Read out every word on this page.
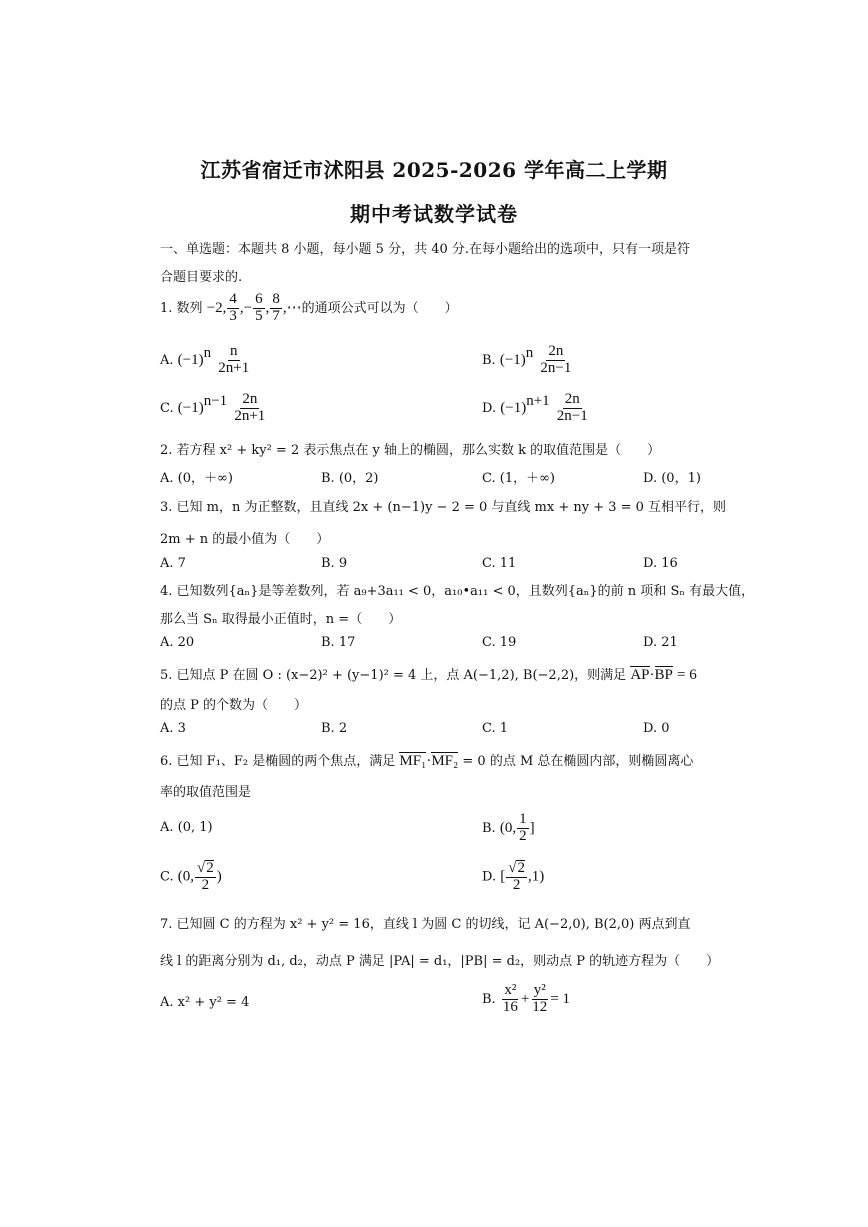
江苏省宿迁市沭阳县 2025-2026 学年高二上学期
期中考试数学试卷
一、单选题：本题共 8 小题，每小题 5 分，共 40 分.在每小题给出的选项中，只有一项是符
合题目要求的.
1. 数列 −2, $\frac{4}{3}$ ,− $\frac{6}{5}$ , $\frac{8}{7}$ ,⋯的通项公式可以为（　　）
A. $(-1)^n \frac{n}{2n+1}$	B. $(-1)^n \frac{2n}{2n-1}$
C. $(-1)^{n-1} \frac{2n}{2n+1}$	D. $(-1)^{n+1} \frac{2n}{2n-1}$
2. 若方程 x² + ky² = 2 表示焦点在 y 轴上的椭圆，那么实数 k 的取值范围是（　　）
A. (0，＋∞)	B. (0，2)	C. (1，＋∞)	D. (0，1)
3. 已知 m，n 为正整数，且直线 2x + (n−1)y − 2 = 0 与直线 mx + ny + 3 = 0 互相平行，则
2m + n 的最小值为（　　）
A. 7	B. 9	C. 11	D. 16
4. 已知数列{aₙ}是等差数列，若 a₉+3a₁₁ < 0，a₁₀•a₁₁ < 0，且数列{aₙ}的前 n 项和 Sₙ 有最大值，
那么当 Sₙ 取得最小正值时，n =（　　）
A. 20	B. 17	C. 19	D. 21
5. 已知点 P 在圆 O : (x−2)² + (y−1)² = 4 上，点 A(−1,2), B(−2,2)，则满足 AP·BP = 6
的点 P 的个数为（　　）
A. 3	B. 2	C. 1	D. 0
6. 已知 F₁、F₂ 是椭圆的两个焦点，满足 MF₁·MF₂ = 0 的点 M 总在椭圆内部，则椭圆离心
率的取值范围是
A. (0, 1)	B. (0, $\frac{1}{2}$ ]
C. (0, $\frac{√2}{2}$ )	D. [ $\frac{√2}{2} ,1$)
7. 已知圆 C 的方程为 x² + y² = 16，直线 l 为圆 C 的切线，记 A(−2,0), B(2,0) 两点到直
线 l 的距离分别为 d₁, d₂，动点 P 满足 |PA| = d₁，|PB| = d₂，则动点 P 的轨迹方程为（　　）
A. x² + y² = 4	B. $\frac{\text{x²}}{16} + \frac{\text{y²}}{12} = 1$
